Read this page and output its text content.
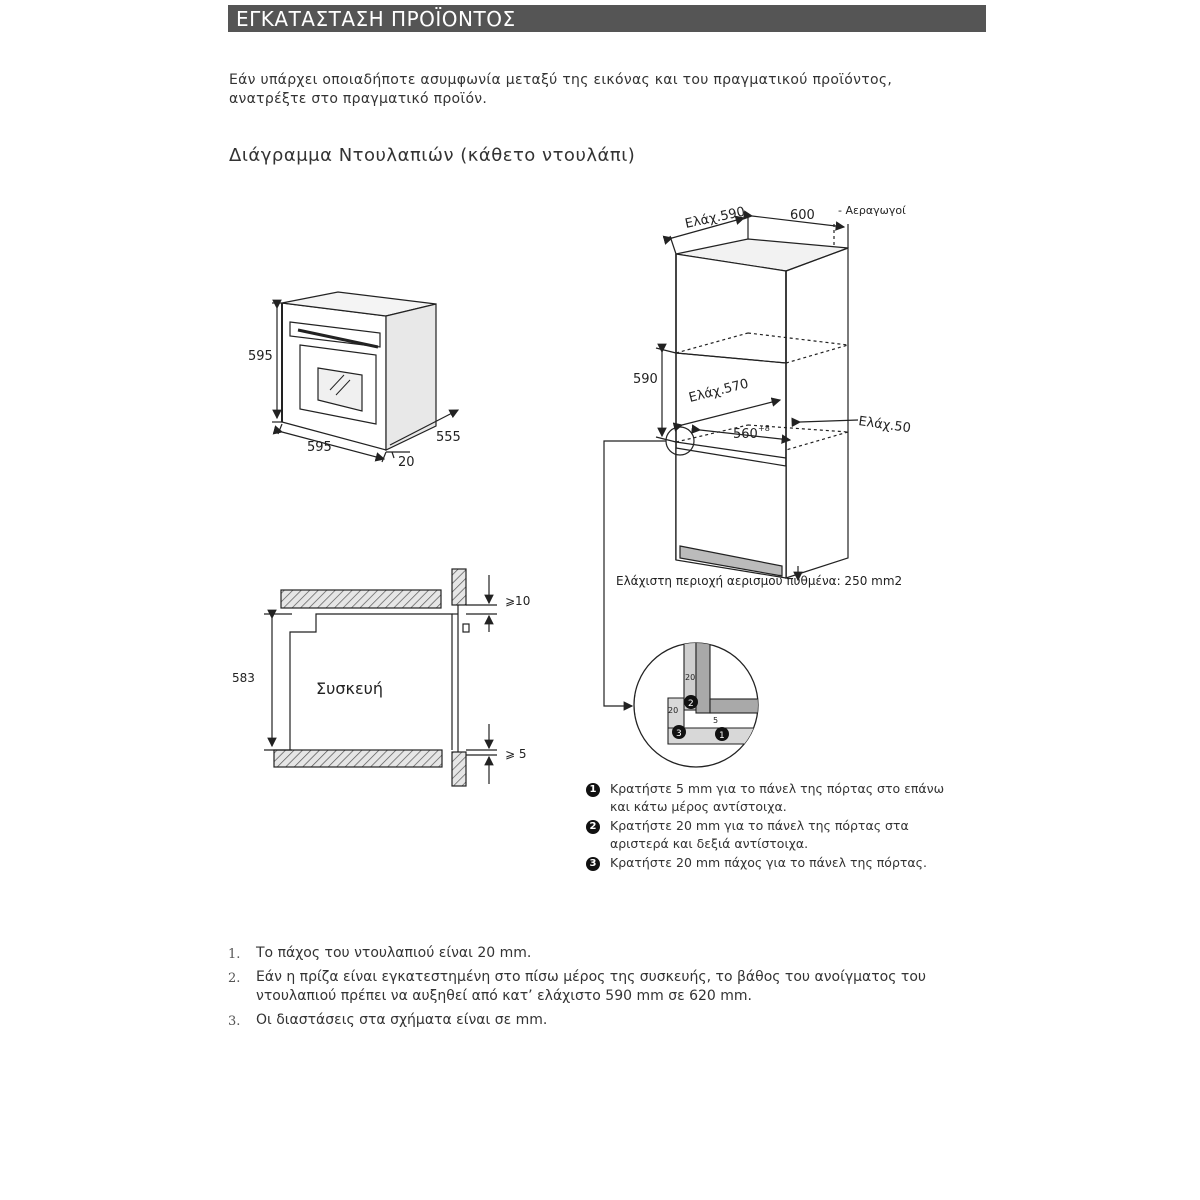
ΕΓΚΑΤΑΣΤΑΣΗ ΠΡΟΪΟΝΤΟΣ
Εάν υπάρχει οποιαδήποτε ασυμφωνία μεταξύ της εικόνας και του πραγματικού προϊόντος,
ανατρέξτε στο πραγματικό προϊόν.
Διάγραμμα Ντουλαπιών (κάθετο ντουλάπι)
595
595
555
20
Ελάχ.590	600 - Αεραγωγοί
590 Ελάχ.570
560 +8	Ελάχ.50
Ελάχιστη περιοχή αερισμού πυθμένα: 250 mm2
Συσκευή
583
⩾10
⩾ 5
20
20
5
2
3	1
1 Κρατήστε 5 mm για το πάνελ της πόρτας στο επάνω
και κάτω μέρος αντίστοιχα.
2 Κρατήστε 20 mm για το πάνελ της πόρτας στα
αριστερά και δεξιά αντίστοιχα.
3 Κρατήστε 20 mm πάχος για το πάνελ της πόρτας.
1. Το πάχος του ντουλαπιού είναι 20 mm.
2. Εάν η πρίζα είναι εγκατεστημένη στο πίσω μέρος της συσκευής, το βάθος του ανοίγματος του ντουλαπιού πρέπει να αυξηθεί από κατ’ ελάχιστο 590 mm σε 620 mm.
3. Οι διαστάσεις στα σχήματα είναι σε mm.
